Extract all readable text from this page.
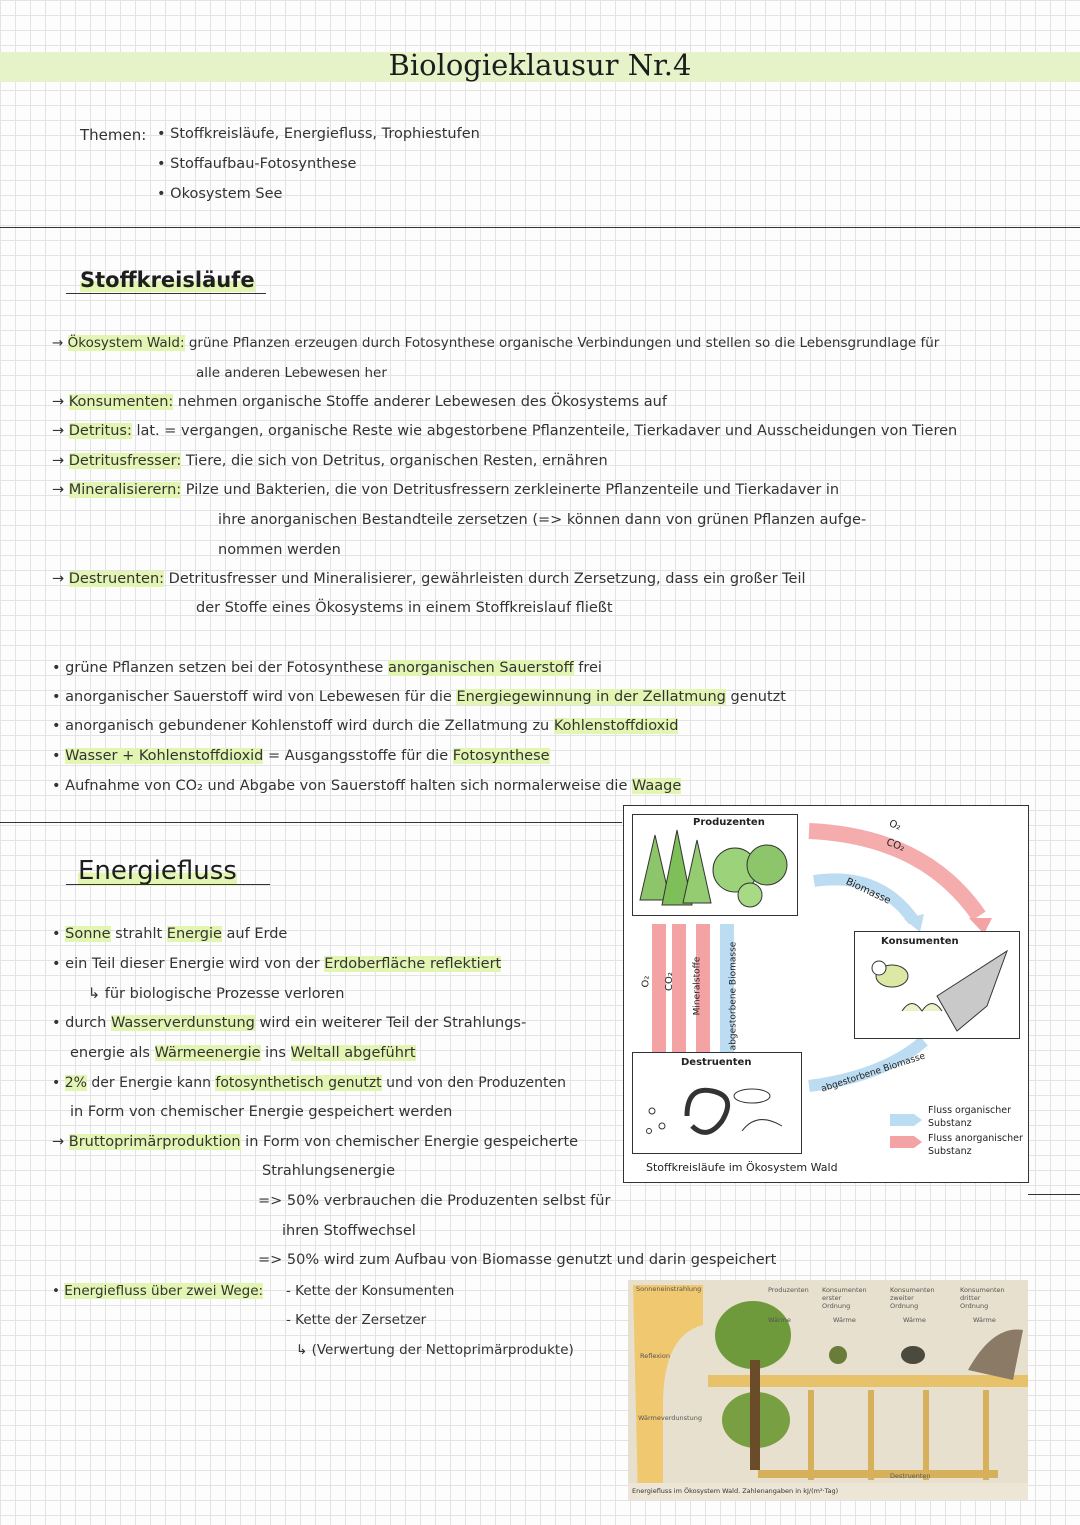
Biologieklausur Nr.4
Themen: • Stoffkreisläufe, Energiefluss, Trophiestufen
• Stoffaufbau-Fotosynthese
• Okosystem See
Stoffkreisläufe
→ Ökosystem Wald: grüne Pflanzen erzeugen durch Fotosynthese organische Verbindungen und stellen so die Lebensgrundlage für
alle anderen Lebewesen her
→ Konsumenten: nehmen organische Stoffe anderer Lebewesen des Ökosystems auf
→ Detritus: lat. = vergangen, organische Reste wie abgestorbene Pflanzenteile, Tierkadaver und Ausscheidungen von Tieren
→ Detritusfresser: Tiere, die sich von Detritus, organischen Resten, ernähren
→ Mineralisierern: Pilze und Bakterien, die von Detritusfressern zerkleinerte Pflanzenteile und Tierkadaver in
ihre anorganischen Bestandteile zersetzen (=> können dann von grünen Pflanzen aufge-
nommen werden
→ Destruenten: Detritusfresser und Mineralisierer, gewährleisten durch Zersetzung, dass ein großer Teil
der Stoffe eines Ökosystems in einem Stoffkreislauf fließt
• grüne Pflanzen setzen bei der Fotosynthese anorganischen Sauerstoff frei
• anorganischer Sauerstoff wird von Lebewesen für die Energiegewinnung in der Zellatmung genutzt
• anorganisch gebundener Kohlenstoff wird durch die Zellatmung zu Kohlenstoffdioxid
• Wasser + Kohlenstoffdioxid = Ausgangsstoffe für die Fotosynthese
• Aufnahme von CO₂ und Abgabe von Sauerstoff halten sich normalerweise die Waage
Energiefluss
• Sonne strahlt Energie auf Erde
• ein Teil dieser Energie wird von der Erdoberfläche reflektiert
↳ für biologische Prozesse verloren
• durch Wasserverdunstung wird ein weiterer Teil der Strahlungs-
energie als Wärmeenergie ins Weltall abgeführt
• 2% der Energie kann fotosynthetisch genutzt und von den Produzenten
in Form von chemischer Energie gespeichert werden
→ Bruttoprimärproduktion in Form von chemischer Energie gespeicherte
Strahlungsenergie
=> 50% verbrauchen die Produzenten selbst für
ihren Stoffwechsel
=> 50% wird zum Aufbau von Biomasse genutzt und darin gespeichert
• Energiefluss über zwei Wege: - Kette der Konsumenten
- Kette der Zersetzer
↳ (Verwertung der Nettoprimärprodukte)
Produzenten	O₂
CO₂
Biomasse
O₂ CO₂ Mineralstoffe	abgestorbene Biomasse
Konsumenten
Destruenten	abgestorbene Biomasse
Stoffkreisläufe im Ökosystem Wald
Fluss organischer Substanz
Fluss anorganischer Substanz
Sonneneinstrahlung
Reflexion
Wärmeverdunstung
Produzenten Konsumenten erster Ordnung
Konsumenten zweiter Ordnung
Konsumenten dritter Ordnung
Destruenten
Wärme	Wärme	Wärme	Wärme
Energiefluss im Ökosystem Wald. Zahlenangaben in kJ/(m²·Tag)
